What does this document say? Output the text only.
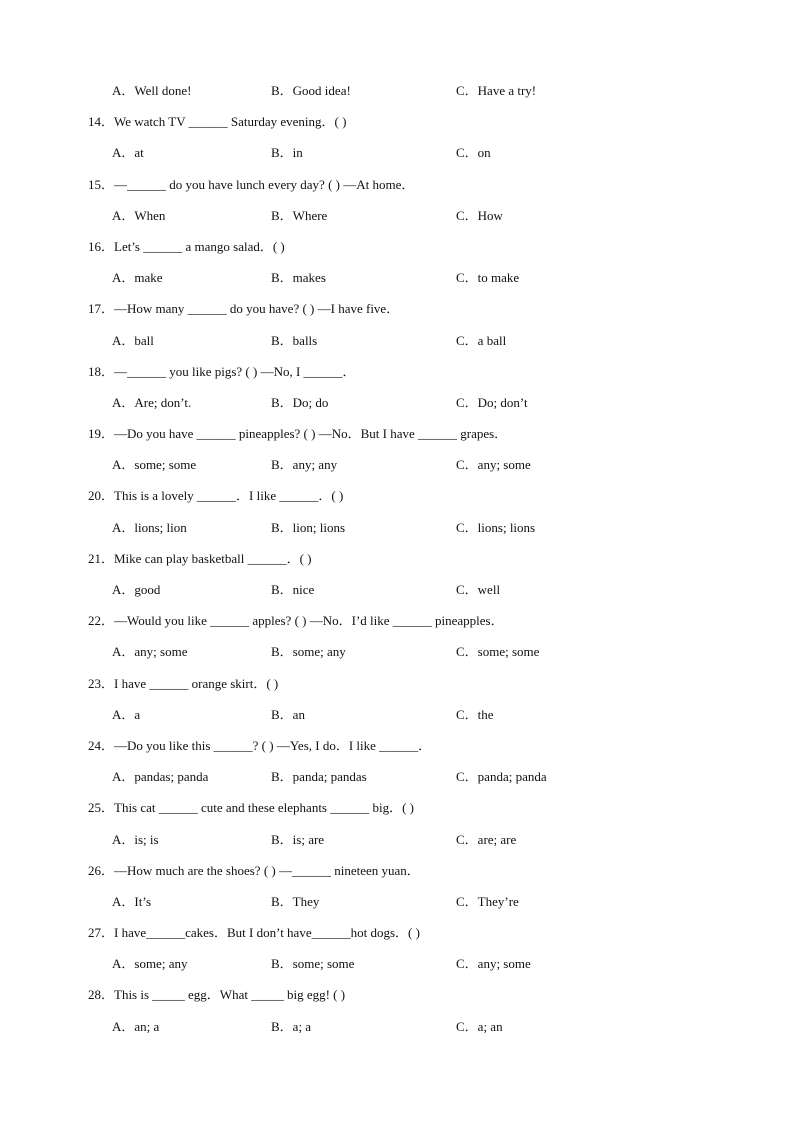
A．Well done!	B．Good idea!	C．Have a try!
14．We watch TV ______ Saturday evening．( )
A．at	B．in	C．on
15．—______ do you have lunch every day? ( ) —At home．
A．When	B．Where	C．How
16．Let’s ______ a mango salad．( )
A．make	B．makes	C．to make
17．—How many ______ do you have? ( ) —I have five．
A．ball	B．balls	C．a ball
18．—______ you like pigs? ( ) —No, I ______．
A．Are; don’t.	B．Do; do	C．Do; don’t
19．—Do you have ______ pineapples? ( ) —No．But I have ______ grapes．
A．some; some	B．any; any	C．any; some
20．This is a lovely ______．I like ______．( )
A．lions; lion	B．lion; lions	C．lions; lions
21．Mike can play basketball ______．( )
A．good	B．nice	C．well
22．—Would you like ______ apples? ( ) —No．I’d like ______ pineapples．
A．any; some	B．some; any	C．some; some
23．I have ______ orange skirt．( )
A．a	B．an	C．the
24．—Do you like this ______? ( ) —Yes, I do．I like ______．
A．pandas; panda	B．panda; pandas	C．panda; panda
25．This cat ______ cute and these elephants ______ big．( )
A．is; is	B．is; are	C．are; are
26．—How much are the shoes? ( ) —______ nineteen yuan．
A．It’s	B．They	C．They’re
27．I have______cakes．But I don’t have______hot dogs．( )
A．some; any	B．some; some	C．any; some
28．This is _____ egg．What _____ big egg! ( )
A．an; a	B．a; a	C．a; an
